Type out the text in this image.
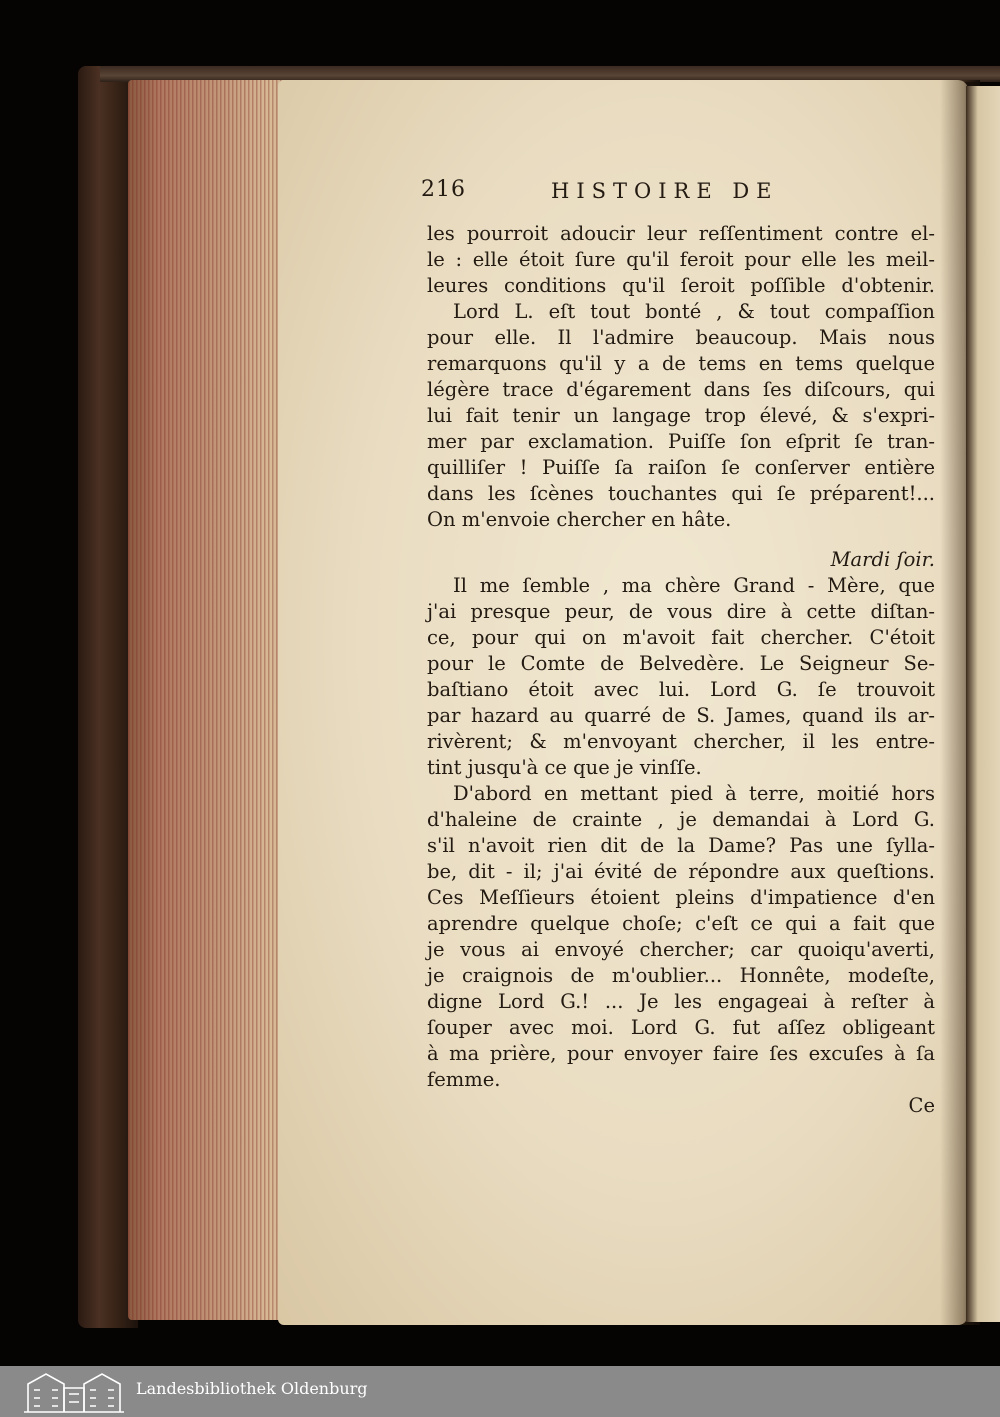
216	HISTOIRE DE
les pourroit adoucir leur reſſentiment contre el-
le : elle étoit ſure qu'il feroit pour elle les meil-
leures conditions qu'il ſeroit poſſible d'obtenir.
Lord L. eſt tout bonté , & tout compaſſion
pour elle. Il l'admire beaucoup. Mais nous
remarquons qu'il y a de tems en tems quelque
légère trace d'égarement dans ſes diſcours, qui
lui fait tenir un langage trop élevé, & s'expri-
mer par exclamation. Puiſſe ſon eſprit ſe tran-
quilliſer ! Puiſſe ſa raiſon ſe conſerver entière
dans les ſcènes touchantes qui ſe préparent!...
On m'envoie chercher en hâte.
Mardi ſoir.
Il me ſemble , ma chère Grand - Mère, que
j'ai presque peur, de vous dire à cette diſtan-
ce, pour qui on m'avoit fait chercher. C'étoit
pour le Comte de Belvedère. Le Seigneur Se-
baſtiano étoit avec lui. Lord G. ſe trouvoit
par hazard au quarré de S. James, quand ils ar-
rivèrent; & m'envoyant chercher, il les entre-
tint jusqu'à ce que je vinſſe.
D'abord en mettant pied à terre, moitié hors
d'haleine de crainte , je demandai à Lord G.
s'il n'avoit rien dit de la Dame? Pas une ſylla-
be, dit - il; j'ai évité de répondre aux queſtions.
Ces Meſſieurs étoient pleins d'impatience d'en
aprendre quelque choſe; c'eſt ce qui a fait que
je vous ai envoyé chercher; car quoiqu'averti,
je craignois de m'oublier... Honnête, modeſte,
digne Lord G.! ... Je les engageai à reſter à
ſouper avec moi. Lord G. fut aſſez obligeant
à ma prière, pour envoyer faire ſes excuſes à ſa
femme.
Ce
Landesbibliothek Oldenburg
